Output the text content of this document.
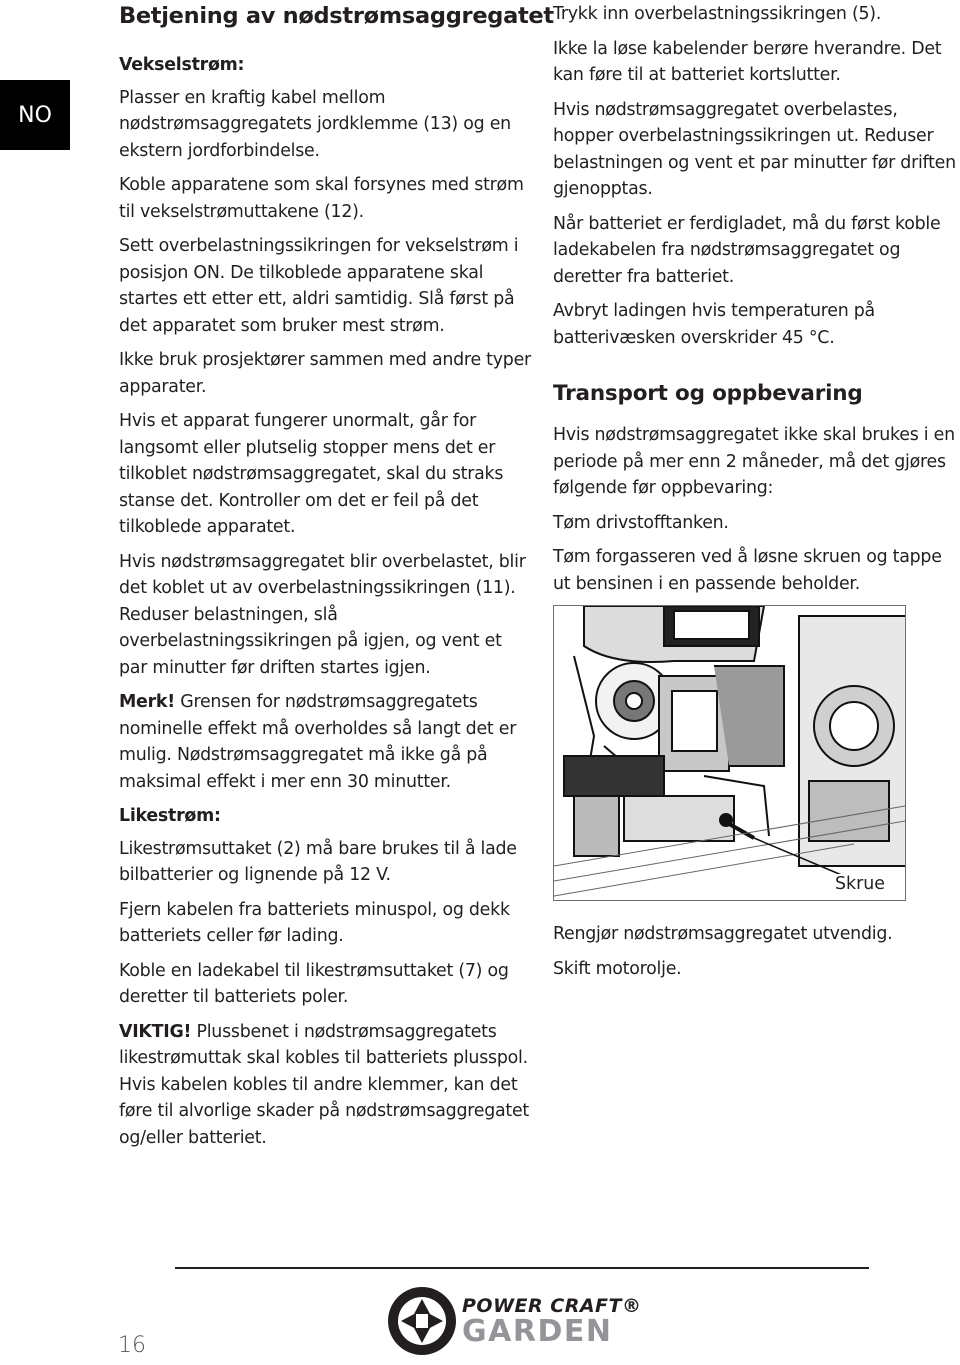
NO
Betjening av nødstrømsaggregatet

Vekselstrøm:

Plasser en kraftig kabel mellom nødstrømsaggregatets jordklemme (13) og en ekstern jordforbindelse.

Koble apparatene som skal forsynes med strøm til vekselstrømuttakene (12).

Sett overbelastningssikringen for vekselstrøm i posisjon ON. De tilkoblede apparatene skal startes ett etter ett, aldri samtidig. Slå først på det apparatet som bruker mest strøm.

Ikke bruk prosjektører sammen med andre typer apparater.

Hvis et apparat fungerer unormalt, går for langsomt eller plutselig stopper mens det er tilkoblet nødstrømsaggregatet, skal du straks stanse det. Kontroller om det er feil på det tilkoblede apparatet.

Hvis nødstrømsaggregatet blir overbelastet, blir det koblet ut av overbelastningssikringen (11). Reduser belastningen, slå overbelastningssikringen på igjen, og vent et par minutter før driften startes igjen.

Merk! Grensen for nødstrømsaggregatets nominelle effekt må overholdes så langt det er mulig. Nødstrømsaggregatet må ikke gå på maksimal effekt i mer enn 30 minutter.

Likestrøm:

Likestrømsuttaket (2) må bare brukes til å lade bilbatterier og lignende på 12 V.

Fjern kabelen fra batteriets minuspol, og dekk batteriets celler før lading.

Koble en ladekabel til likestrømsuttaket (7) og deretter til batteriets poler.

VIKTIG! Plussbenet i nødstrømsaggregatets likestrømuttak skal kobles til batteriets plusspol. Hvis kabelen kobles til andre klemmer, kan det føre til alvorlige skader på nødstrømsaggregatet og/eller batteriet.

Trykk inn overbelastningssikringen (5).

Ikke la løse kabelender berøre hverandre. Det kan føre til at batteriet kortslutter.

Hvis nødstrømsaggregatet overbelastes, hopper overbelastningssikringen ut. Reduser belastningen og vent et par minutter før driften gjenopptas.

Når batteriet er ferdigladet, må du først koble ladekabelen fra nødstrømsaggregatet og deretter fra batteriet.

Avbryt ladingen hvis temperaturen på batterivæsken overskrider 45 °C.

Transport og oppbevaring

Hvis nødstrømsaggregatet ikke skal brukes i en periode på mer enn 2 måneder, må det gjøres følgende før oppbevaring:

Tøm drivstofftanken.

Tøm forgasseren ved å løsne skruen og tappe ut bensinen i en passende beholder.

Skrue

Rengjør nødstrømsaggregatet utvendig.

Skift motorolje.

16
POWER CRAFT®
GARDEN
